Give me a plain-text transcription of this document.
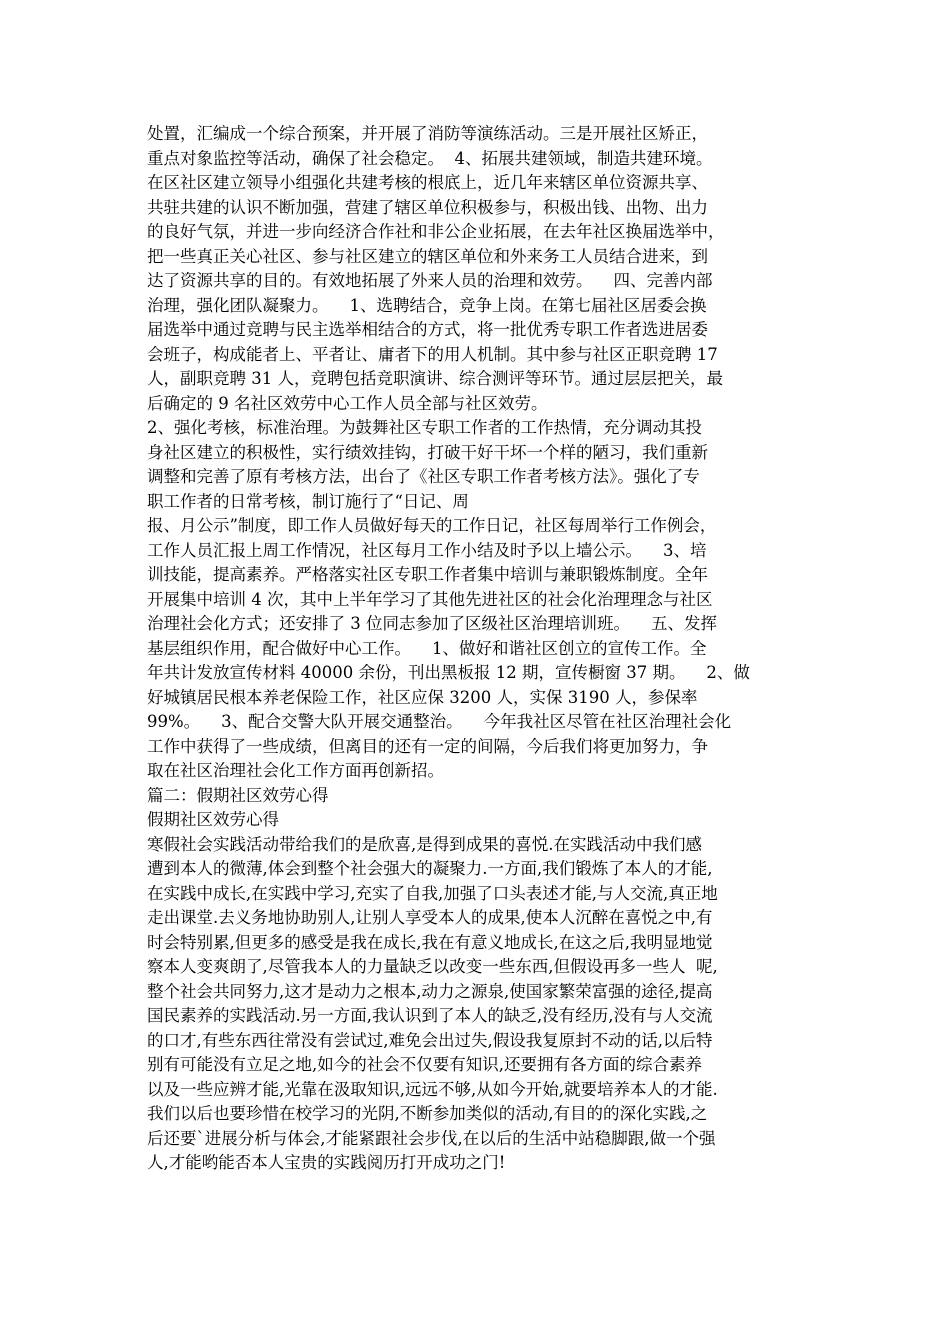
处置，汇编成一个综合预案，并开展了消防等演练活动。三是开展社区矫正，
重点对象监控等活动，确保了社会稳定。  4、拓展共建领域，制造共建环境。
在区社区建立领导小组强化共建考核的根底上，近几年来辖区单位资源共享、
共驻共建的认识不断加强，营建了辖区单位积极参与，积极出钱、出物、出力
的良好气氛，并进一步向经济合作社和非公企业拓展，在去年社区换届选举中，
把一些真正关心社区、参与社区建立的辖区单位和外来务工人员结合进来，到
达了资源共享的目的。有效地拓展了外来人员的治理和效劳。    四、完善内部
治理，强化团队凝聚力。    1、选聘结合，竞争上岗。在第七届社区居委会换
届选举中通过竞聘与民主选举相结合的方式，将一批优秀专职工作者选进居委
会班子，构成能者上、平者让、庸者下的用人机制。其中参与社区正职竞聘 17
人，副职竞聘 31 人，竞聘包括竞职演讲、综合测评等环节。通过层层把关，最
后确定的 9 名社区效劳中心工作人员全部与社区效劳。
2、强化考核，标准治理。为鼓舞社区专职工作者的工作热情，充分调动其投
身社区建立的积极性，实行绩效挂钩，打破干好干坏一个样的陋习，我们重新
调整和完善了原有考核方法，出台了《社区专职工作者考核方法》。强化了专
职工作者的日常考核，制订施行了“日记、周
报、月公示”制度，即工作人员做好每天的工作日记，社区每周举行工作例会，
工作人员汇报上周工作情况，社区每月工作小结及时予以上墙公示。    3、培
训技能，提高素养。严格落实社区专职工作者集中培训与兼职锻炼制度。全年
开展集中培训 4 次，其中上半年学习了其他先进社区的社会化治理理念与社区
治理社会化方式；还安排了 3 位同志参加了区级社区治理培训班。    五、发挥
基层组织作用，配合做好中心工作。    1、做好和谐社区创立的宣传工作。全
年共计发放宣传材料 40000 余份，刊出黑板报 12 期，宣传橱窗 37 期。    2、做
好城镇居民根本养老保险工作，社区应保 3200 人，实保 3190 人，参保率
99%。    3、配合交警大队开展交通整治。    今年我社区尽管在社区治理社会化
工作中获得了一些成绩，但离目的还有一定的间隔，今后我们将更加努力，争
取在社区治理社会化工作方面再创新招。
篇二：假期社区效劳心得
假期社区效劳心得
寒假社会实践活动带给我们的是欣喜,是得到成果的喜悦.在实践活动中我们感
遭到本人的微薄,体会到整个社会强大的凝聚力.一方面,我们锻炼了本人的才能,
在实践中成长,在实践中学习,充实了自我,加强了口头表述才能,与人交流,真正地
走出课堂.去义务地协助别人,让别人享受本人的成果,使本人沉醉在喜悦之中,有
时会特别累,但更多的感受是我在成长,我在有意义地成长,在这之后,我明显地觉
察本人变爽朗了,尽管我本人的力量缺乏以改变一些东西,但假设再多一些人  呢,
整个社会共同努力,这才是动力之根本,动力之源泉,使国家繁荣富强的途径,提高
国民素养的实践活动.另一方面,我认识到了本人的缺乏,没有经历,没有与人交流
的口才,有些东西往常没有尝试过,难免会出过失,假设我复原封不动的话,以后特
别有可能没有立足之地,如今的社会不仅要有知识,还要拥有各方面的综合素养
以及一些应辨才能,光靠在汲取知识,远远不够,从如今开始,就要培养本人的才能.
我们以后也要珍惜在校学习的光阴,不断参加类似的活动,有目的的深化实践,之
后还要`进展分析与体会,才能紧跟社会步伐,在以后的生活中站稳脚跟,做一个强
人,才能哟能否本人宝贵的实践阅历打开成功之门!
